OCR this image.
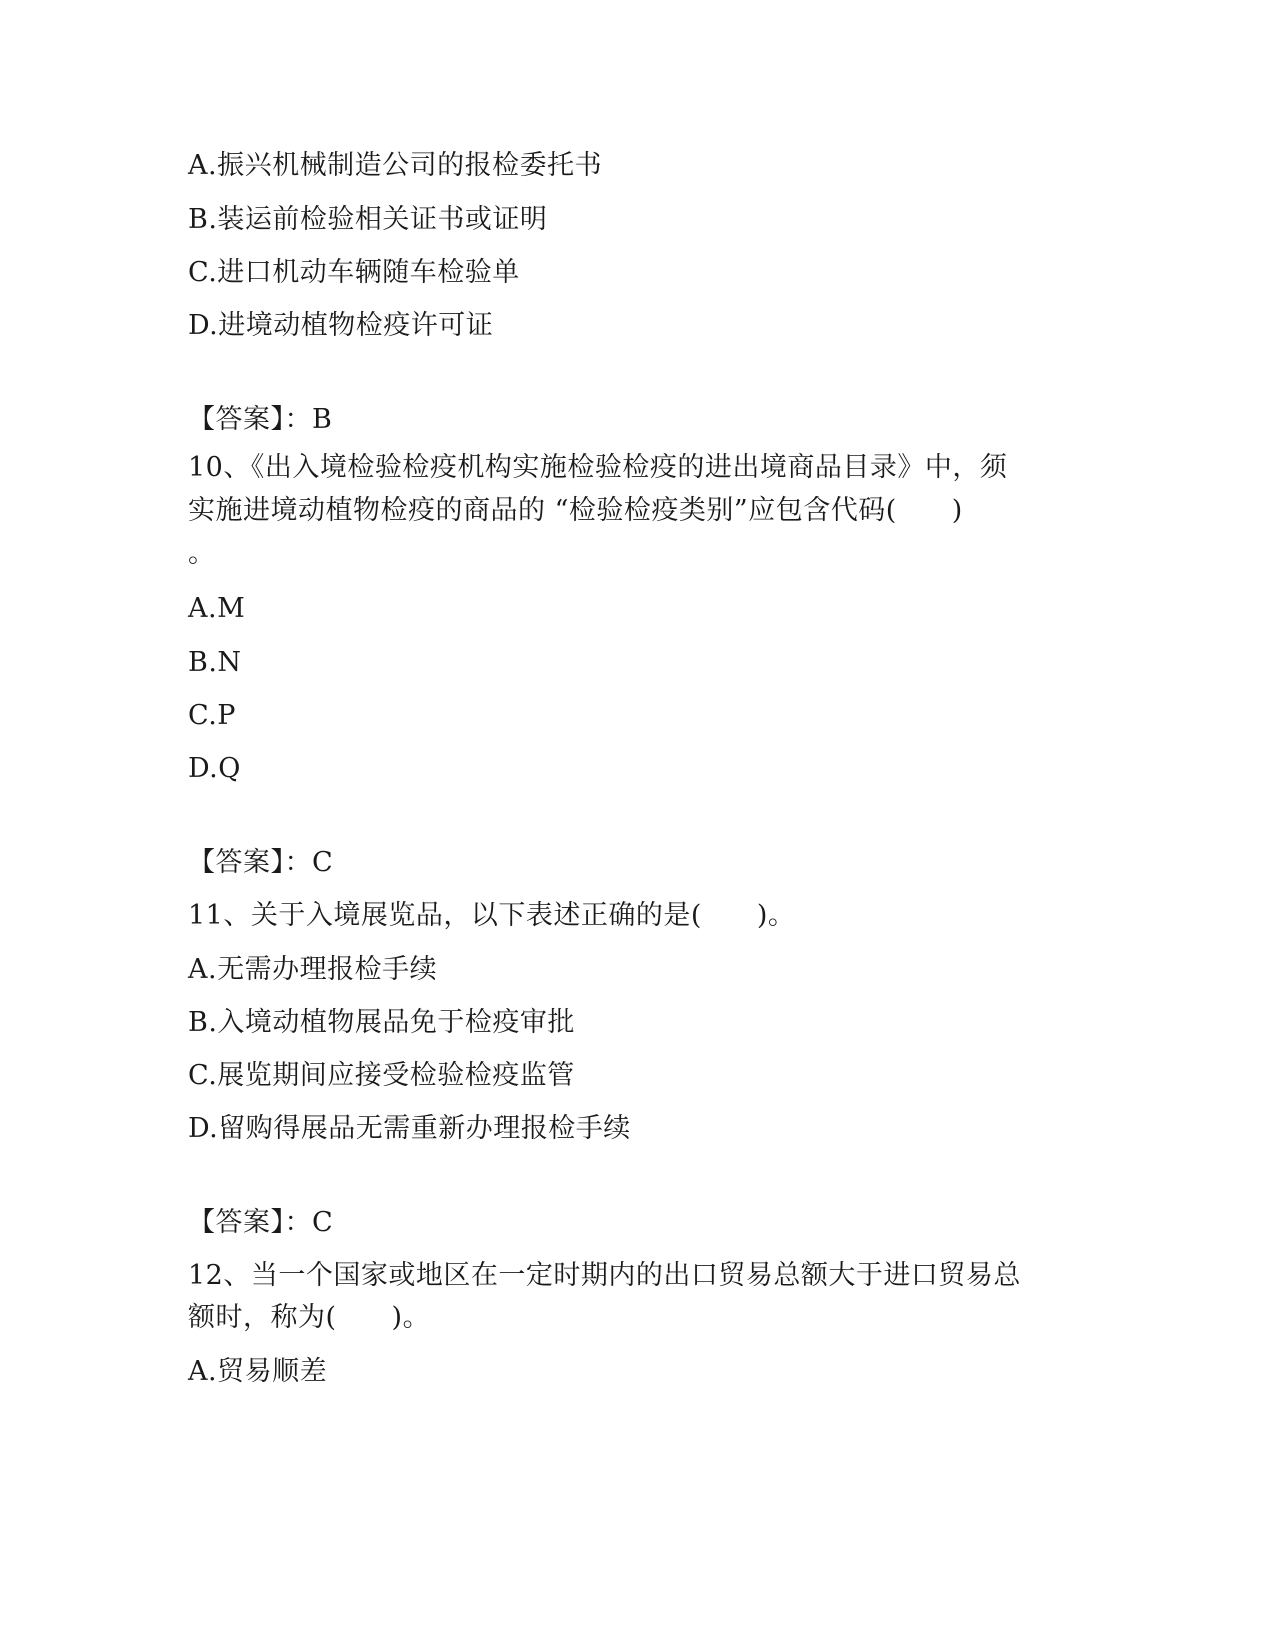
A.振兴机械制造公司的报检委托书
B.装运前检验相关证书或证明
C.进口机动车辆随车检验单
D.进境动植物检疫许可证
【答案】：B
10、《出入境检验检疫机构实施检验检疫的进出境商品目录》中，须
实施进境动植物检疫的商品的 “检验检疫类别”应包含代码(　　)
。
A.M
B.N
C.P
D.Q
【答案】：C
11、关于入境展览品，以下表述正确的是(　　)。
A.无需办理报检手续
B.入境动植物展品免于检疫审批
C.展览期间应接受检验检疫监管
D.留购得展品无需重新办理报检手续
【答案】：C
12、当一个国家或地区在一定时期内的出口贸易总额大于进口贸易总
额时，称为(　　)。
A.贸易顺差
